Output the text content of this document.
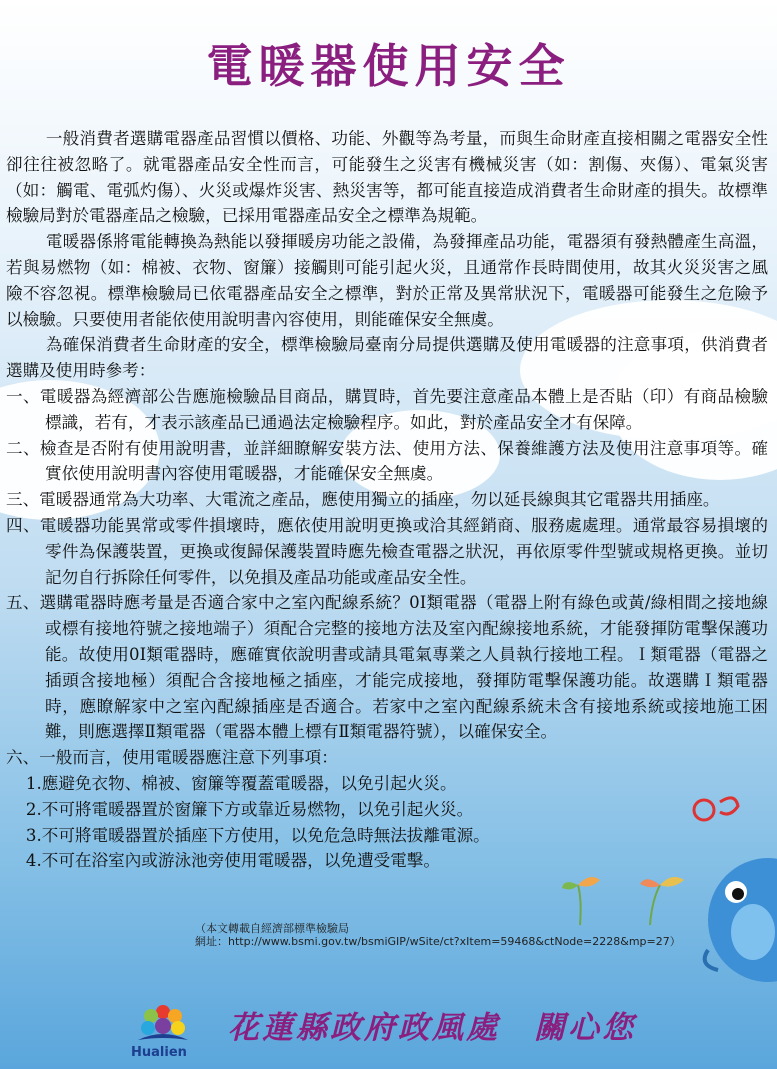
電暖器使用安全

一般消費者選購電器產品習慣以價格、功能、外觀等為考量，而與生命財產直接相關之電器安全性卻往往被忽略了。就電器產品安全性而言，可能發生之災害有機械災害（如：割傷、夾傷）、電氣災害（如：觸電、電弧灼傷）、火災或爆炸災害、熱災害等，都可能直接造成消費者生命財產的損失。故標準檢驗局對於電器產品之檢驗，已採用電器產品安全之標準為規範。

電暖器係將電能轉換為熱能以發揮暖房功能之設備，為發揮產品功能，電器須有發熱體產生高溫，若與易燃物（如：棉被、衣物、窗簾）接觸則可能引起火災，且通常作長時間使用，故其火災災害之風險不容忽視。標準檢驗局已依電器產品安全之標準，對於正常及異常狀況下，電暖器可能發生之危險予以檢驗。只要使用者能依使用說明書內容使用，則能確保安全無虞。

為確保消費者生命財產的安全，標準檢驗局臺南分局提供選購及使用電暖器的注意事項，供消費者選購及使用時參考：

一、電暖器為經濟部公告應施檢驗品目商品，購買時，首先要注意產品本體上是否貼（印）有商品檢驗標識，若有，才表示該產品已通過法定檢驗程序。如此，對於產品安全才有保障。

二、檢查是否附有使用說明書，並詳細瞭解安裝方法、使用方法、保養維護方法及使用注意事項等。確實依使用說明書內容使用電暖器，才能確保安全無虞。

三、電暖器通常為大功率、大電流之產品，應使用獨立的插座，勿以延長線與其它電器共用插座。

四、電暖器功能異常或零件損壞時，應依使用說明更換或洽其經銷商、服務處處理。通常最容易損壞的零件為保護裝置，更換或復歸保護裝置時應先檢查電器之狀況，再依原零件型號或規格更換。並切記勿自行拆除任何零件，以免損及產品功能或產品安全性。

五、選購電器時應考量是否適合家中之室內配線系統？0I類電器（電器上附有綠色或黃/綠相間之接地線或標有接地符號之接地端子）須配合完整的接地方法及室內配線接地系統，才能發揮防電擊保護功能。故使用0I類電器時，應確實依說明書或請具電氣專業之人員執行接地工程。Ｉ類電器（電器之插頭含接地極）須配合含接地極之插座，才能完成接地，發揮防電擊保護功能。故選購Ｉ類電器時，應瞭解家中之室內配線插座是否適合。若家中之室內配線系統未含有接地系統或接地施工困難，則應選擇Ⅱ類電器（電器本體上標有Ⅱ類電器符號），以確保安全。

六、一般而言，使用電暖器應注意下列事項：

1.應避免衣物、棉被、窗簾等覆蓋電暖器，以免引起火災。

2.不可將電暖器置於窗簾下方或靠近易燃物，以免引起火災。

3.不可將電暖器置於插座下方使用，以免危急時無法拔離電源。

4.不可在浴室內或游泳池旁使用電暖器，以免遭受電擊。

（本文轉載自經濟部標準檢驗局
網址：http://www.bsmi.gov.tw/bsmiGIP/wSite/ct?xItem=59468&ctNode=2228&mp=27）
Hualien
花蓮縣政府政風處　關心您
